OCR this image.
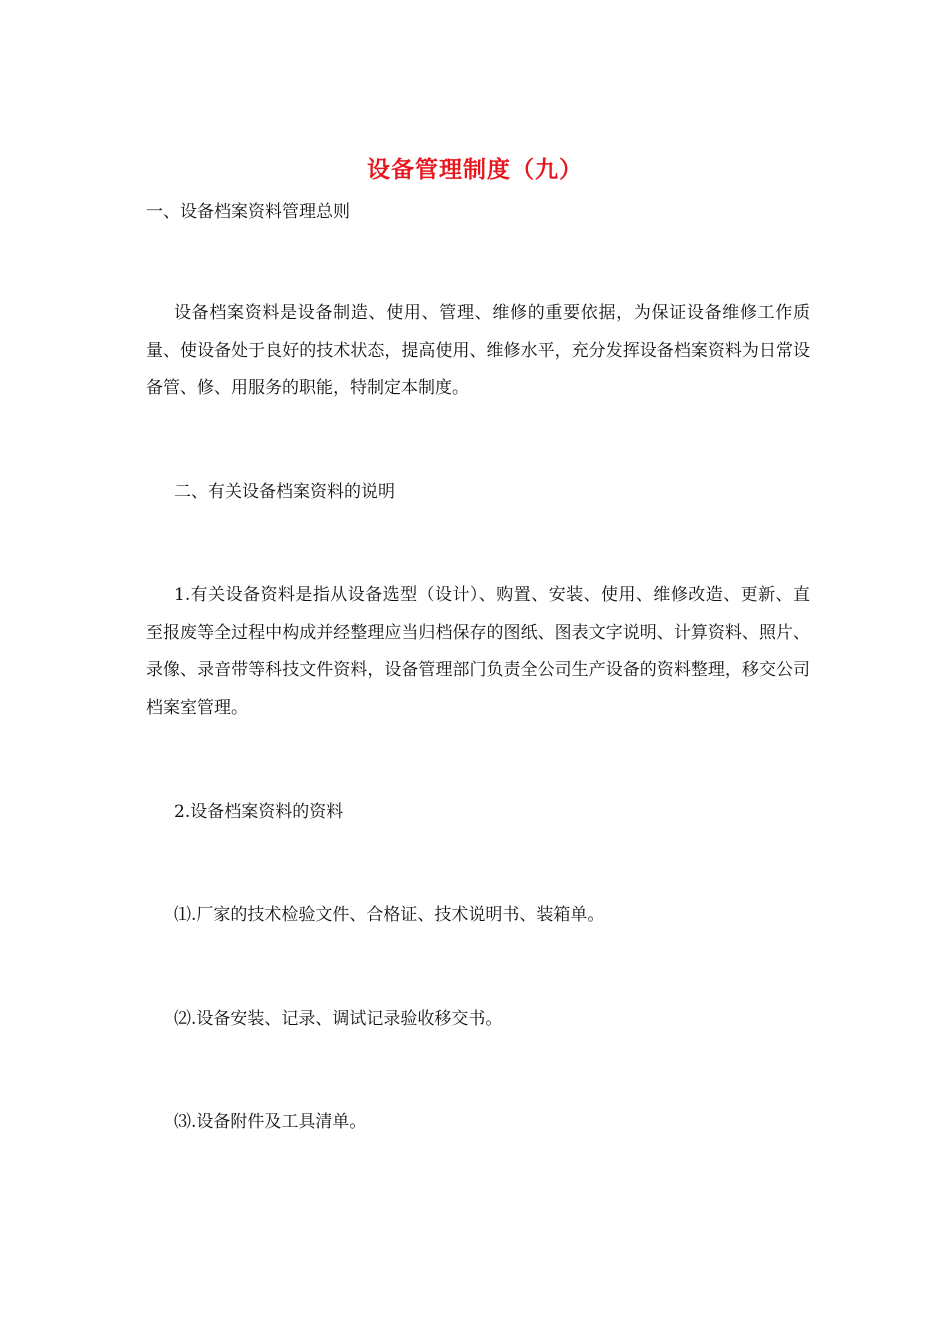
设备管理制度（九）
一、设备档案资料管理总则
设备档案资料是设备制造、使用、管理、维修的重要依据，为保证设备维修工作质量、使设备处于良好的技术状态，提高使用、维修水平，充分发挥设备档案资料为日常设备管、修、用服务的职能，特制定本制度。
二、有关设备档案资料的说明
1.有关设备资料是指从设备选型（设计）、购置、安装、使用、维修改造、更新、直至报废等全过程中构成并经整理应当归档保存的图纸、图表文字说明、计算资料、照片、录像、录音带等科技文件资料，设备管理部门负责全公司生产设备的资料整理，移交公司档案室管理。
2.设备档案资料的资料
⑴.厂家的技术检验文件、合格证、技术说明书、装箱单。
⑵.设备安装、记录、调试记录验收移交书。
⑶.设备附件及工具清单。
